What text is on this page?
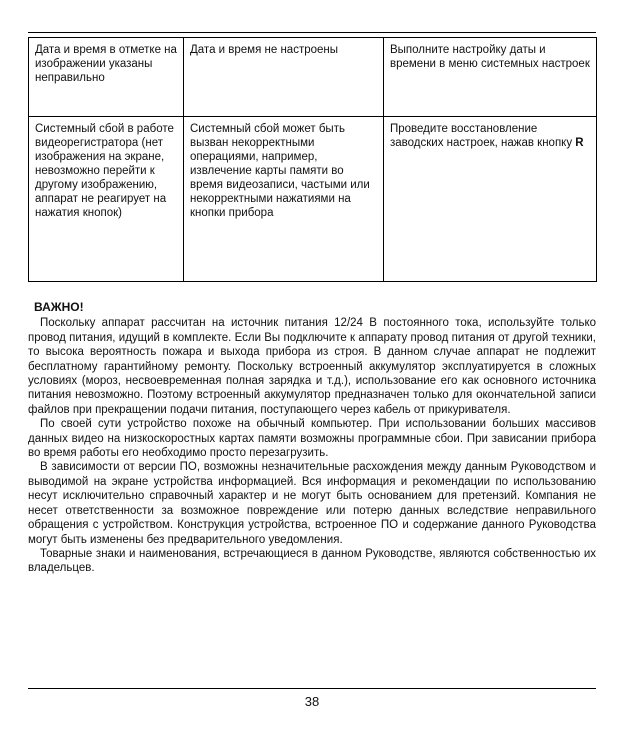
Дата и время в отметке на изображении указаны неправильно	Дата и время не настроены	Выполните настройку даты и времени в меню системных настроек
Системный сбой в работе видеорегистратора (нет изображения на экране, невозможно перейти к другому изображению, аппарат не реагирует на нажатия кнопок)	Системный сбой может быть вызван некорректными операциями, например, извлечение карты памяти во время видеозаписи, частыми или некорректными нажатиями на кнопки прибора	Проведите восстановление заводских настроек, нажав кнопку R
ВАЖНО!

Поскольку аппарат рассчитан на источник питания 12/24 В постоянного тока, используйте только провод питания, идущий в комплекте. Если Вы подключите к аппарату провод питания от другой техники, то высока вероятность пожара и выхода прибора из строя. В данном случае аппарат не подлежит бесплатному гарантийному ремонту. Поскольку встроенный аккумулятор эксплуатируется в сложных условиях (мороз, несвоевременная полная зарядка и т.д.), использование его как основного источника питания невозможно. Поэтому встроенный аккумулятор предназначен только для окончательной записи файлов при прекращении подачи питания, поступающего через кабель от прикуривателя.

По своей сути устройство похоже на обычный компьютер. При использовании больших массивов данных видео на низкоскоростных картах памяти возможны программные сбои. При зависании прибора во время работы его необходимо просто перезагрузить.

В зависимости от версии ПО, возможны незначительные расхождения между данным Руководством и выводимой на экране устройства информацией. Вся информация и рекомендации по использованию несут исключительно справочный характер и не могут быть основанием для претензий. Компания не несет ответственности за возможное повреждение или потерю данных вследствие неправильного обращения с устройством. Конструкция устройства, встроенное ПО и содержание данного Руководства могут быть изменены без предварительного уведомления.

Товарные знаки и наименования, встречающиеся в данном Руководстве, являются собственностью их владельцев.

38
